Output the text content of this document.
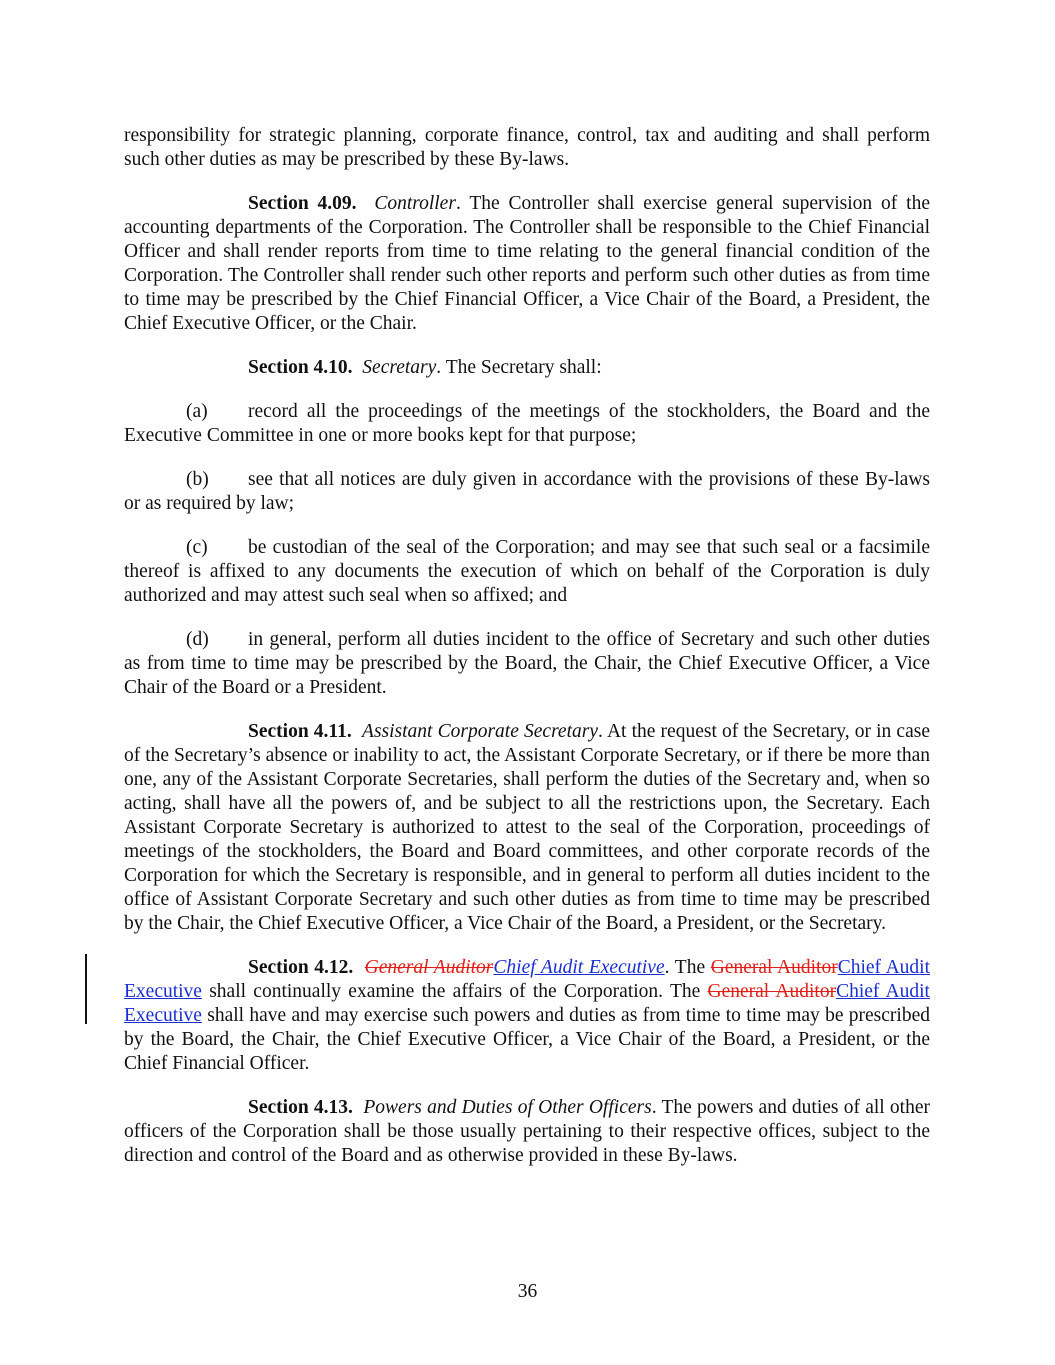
responsibility for strategic planning, corporate finance, control, tax and auditing and shall perform such other duties as may be prescribed by these By-laws.

Section 4.09. Controller. The Controller shall exercise general supervision of the accounting departments of the Corporation. The Controller shall be responsible to the Chief Financial Officer and shall render reports from time to time relating to the general financial condition of the Corporation. The Controller shall render such other reports and perform such other duties as from time to time may be prescribed by the Chief Financial Officer, a Vice Chair of the Board, a President, the Chief Executive Officer, or the Chair.

Section 4.10. Secretary. The Secretary shall:

(a) record all the proceedings of the meetings of the stockholders, the Board and the Executive Committee in one or more books kept for that purpose;

(b) see that all notices are duly given in accordance with the provisions of these By-laws or as required by law;

(c) be custodian of the seal of the Corporation; and may see that such seal or a facsimile thereof is affixed to any documents the execution of which on behalf of the Corporation is duly authorized and may attest such seal when so affixed; and

(d) in general, perform all duties incident to the office of Secretary and such other duties as from time to time may be prescribed by the Board, the Chair, the Chief Executive Officer, a Vice Chair of the Board or a President.

Section 4.11. Assistant Corporate Secretary. At the request of the Secretary, or in case of the Secretary’s absence or inability to act, the Assistant Corporate Secretary, or if there be more than one, any of the Assistant Corporate Secretaries, shall perform the duties of the Secretary and, when so acting, shall have all the powers of, and be subject to all the restrictions upon, the Secretary. Each Assistant Corporate Secretary is authorized to attest to the seal of the Corporation, proceedings of meetings of the stockholders, the Board and Board committees, and other corporate records of the Corporation for which the Secretary is responsible, and in general to perform all duties incident to the office of Assistant Corporate Secretary and such other duties as from time to time may be prescribed by the Chair, the Chief Executive Officer, a Vice Chair of the Board, a President, or the Secretary.

Section 4.12. General AuditorChief Audit Executive. The General AuditorChief Audit Executive shall continually examine the affairs of the Corporation. The General AuditorChief Audit Executive shall have and may exercise such powers and duties as from time to time may be prescribed by the Board, the Chair, the Chief Executive Officer, a Vice Chair of the Board, a President, or the Chief Financial Officer.

Section 4.13. Powers and Duties of Other Officers. The powers and duties of all other officers of the Corporation shall be those usually pertaining to their respective offices, subject to the direction and control of the Board and as otherwise provided in these By-laws.

36
